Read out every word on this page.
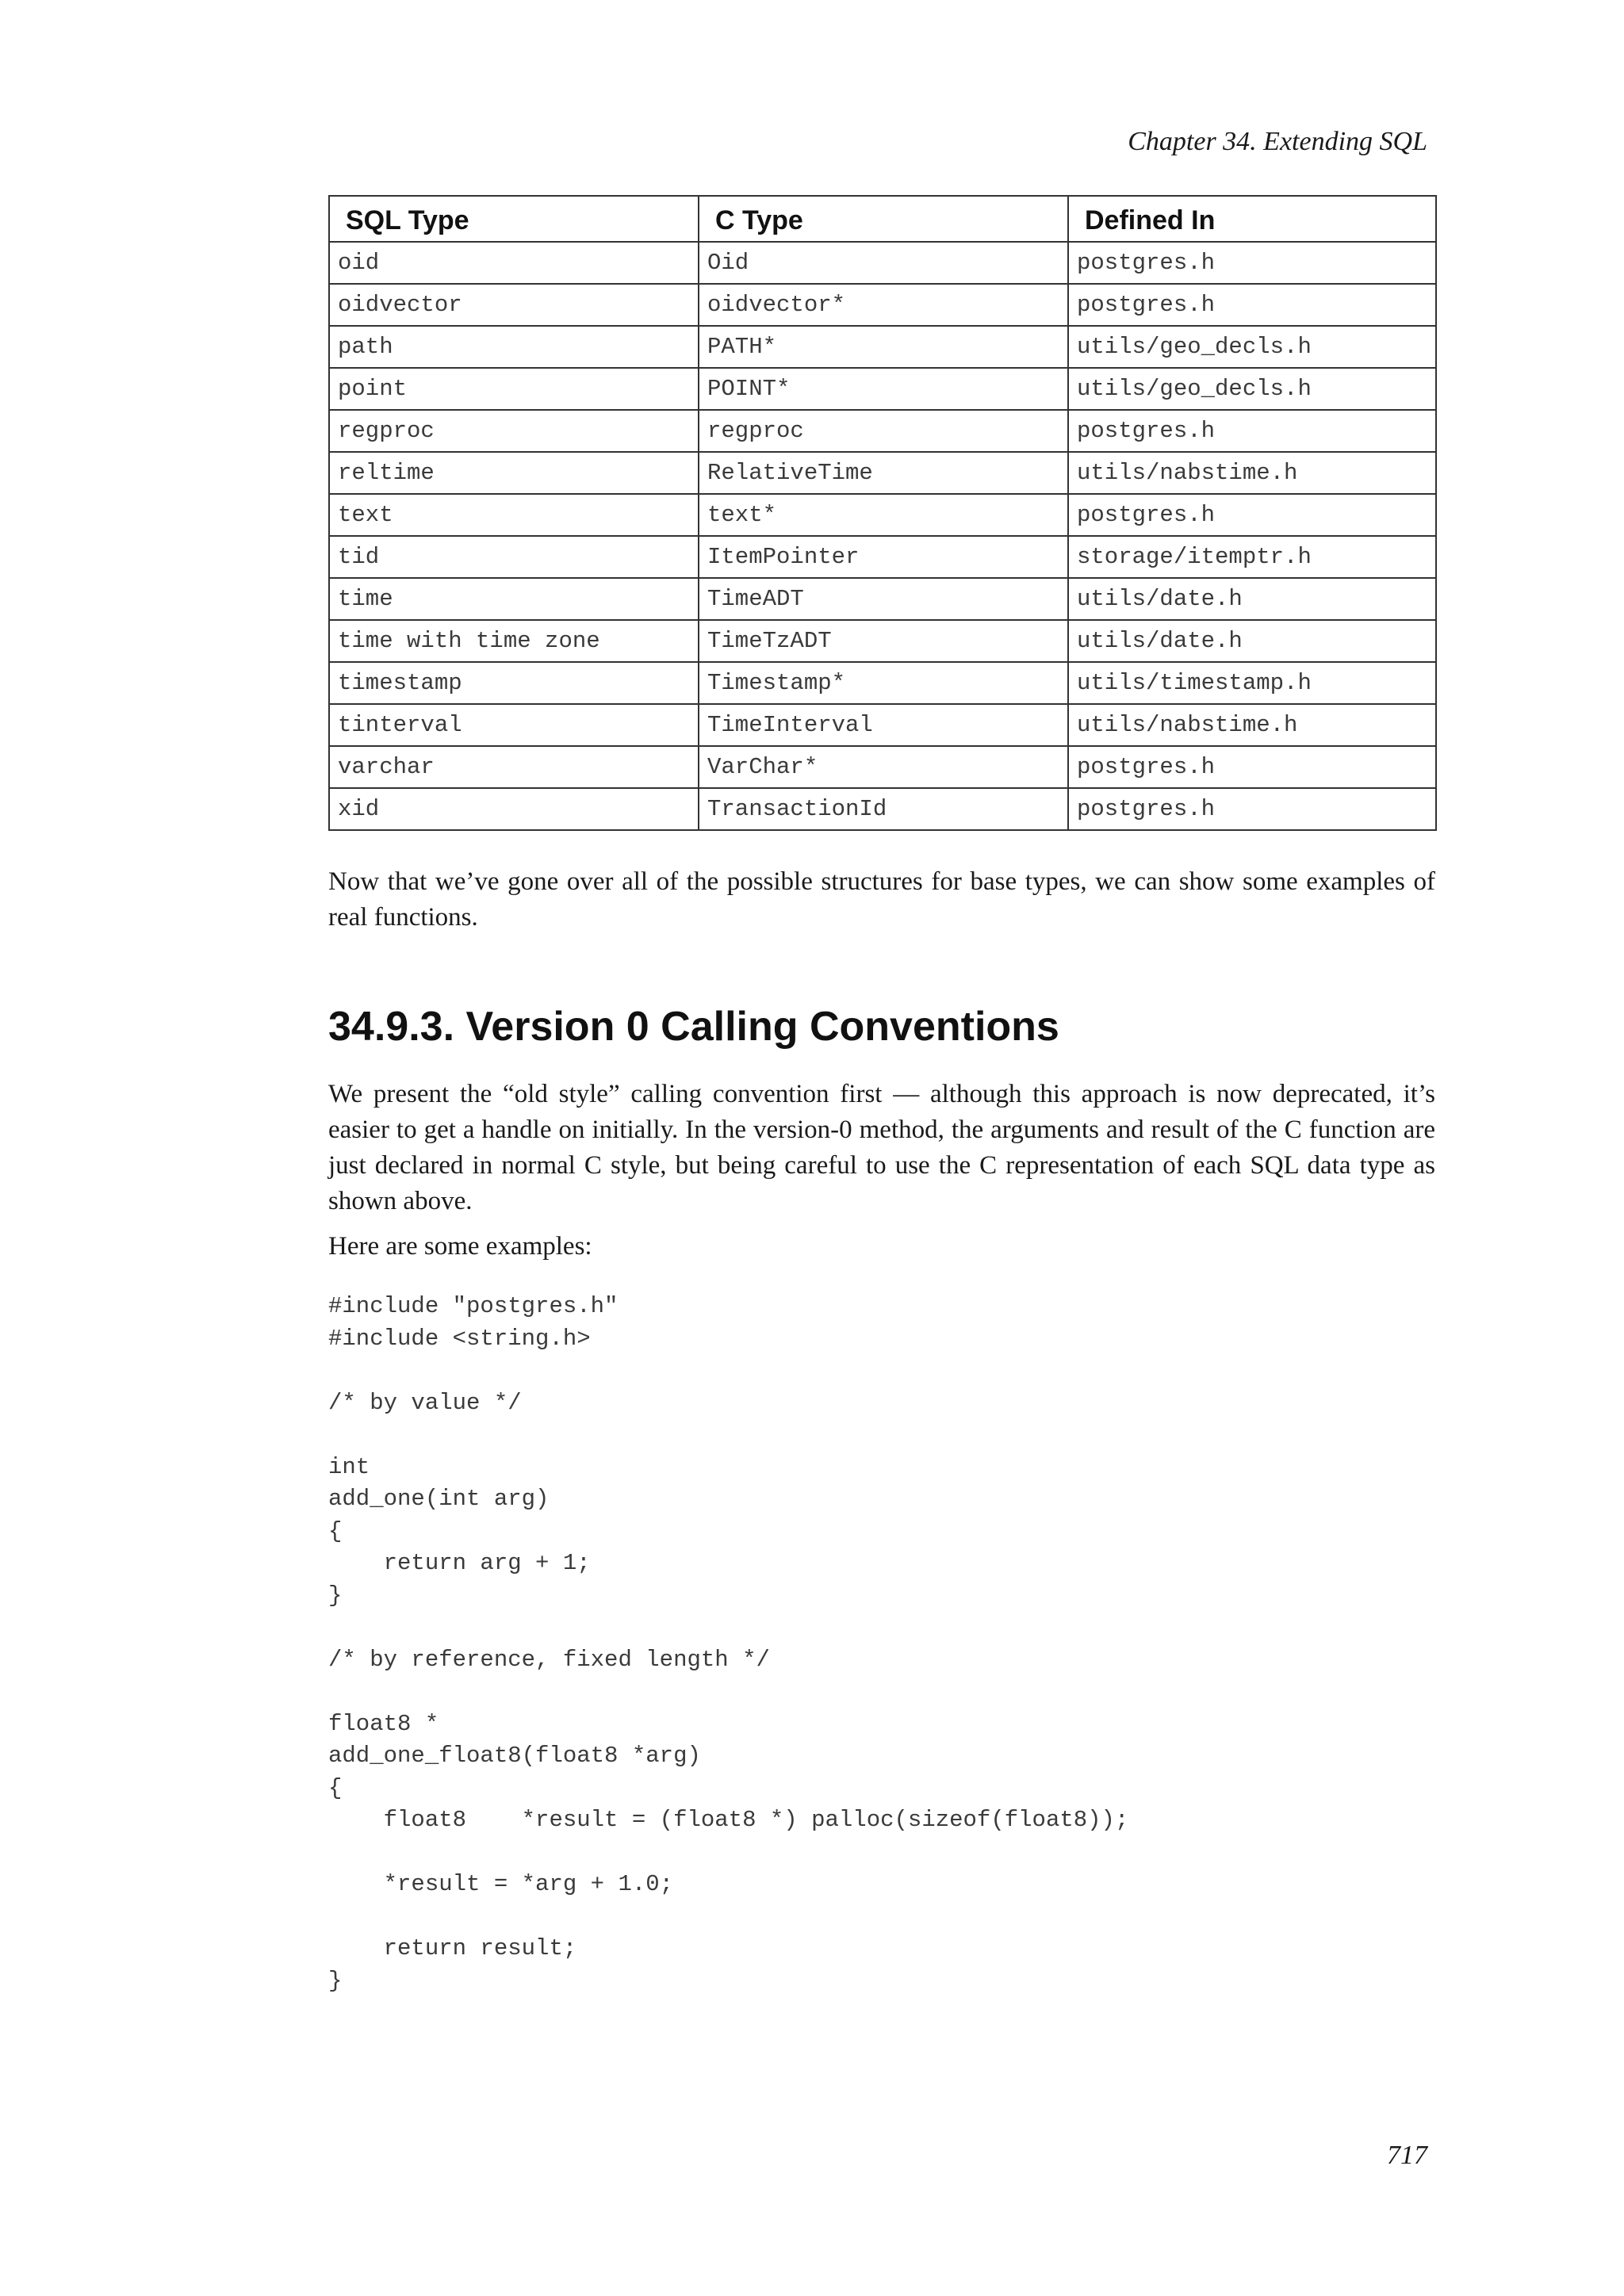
Chapter 34. Extending SQL
SQL Type	C Type	Defined In
oid	Oid	postgres.h
oidvector	oidvector*	postgres.h
path	PATH*	utils/geo_decls.h
point	POINT*	utils/geo_decls.h
regproc	regproc	postgres.h
reltime	RelativeTime	utils/nabstime.h
text	text*	postgres.h
tid	ItemPointer	storage/itemptr.h
time	TimeADT	utils/date.h
time with time zone	TimeTzADT	utils/date.h
timestamp	Timestamp*	utils/timestamp.h
tinterval	TimeInterval	utils/nabstime.h
varchar	VarChar*	postgres.h
xid	TransactionId	postgres.h

Now that we’ve gone over all of the possible structures for base types, we can show some examples of real functions.

34.9.3. Version 0 Calling Conventions

We present the “old style” calling convention first — although this approach is now deprecated, it’s easier to get a handle on initially. In the version-0 method, the arguments and result of the C function are just declared in normal C style, but being careful to use the C representation of each SQL data type as shown above.

Here are some examples:

#include "postgres.h"
#include <string.h>

/* by value */

int
add_one(int arg)
{
return arg + 1;
}

/* by reference, fixed length */

float8 *
add_one_float8(float8 *arg)
{
float8    *result = (float8 *) palloc(sizeof(float8));

*result = *arg + 1.0;

return result;
}
717
